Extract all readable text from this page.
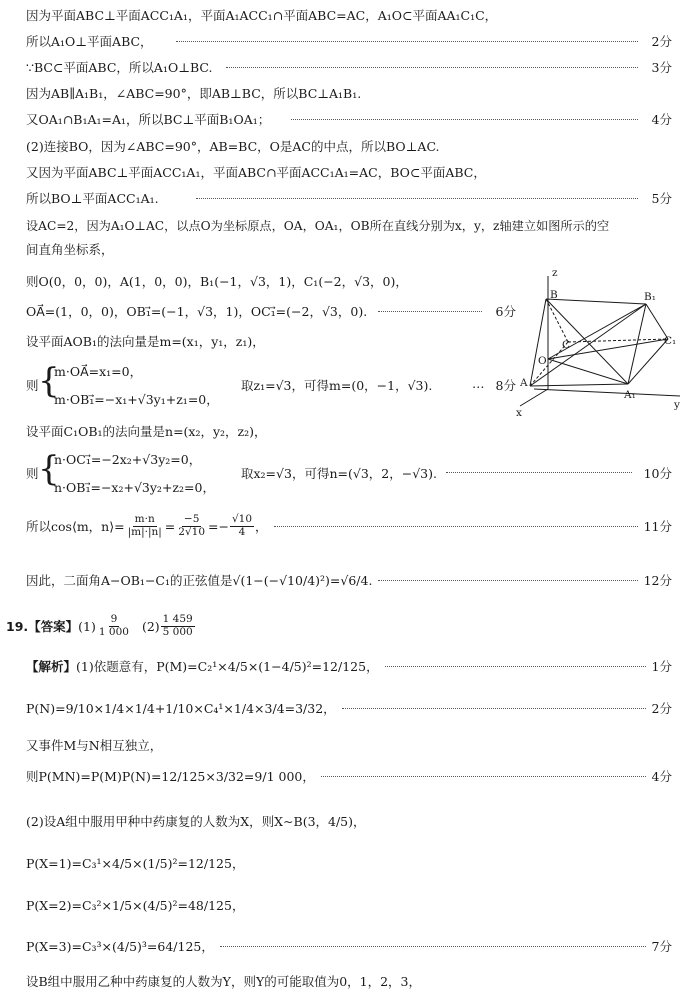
因为平面ABC⊥平面ACC₁A₁，平面A₁ACC₁∩平面ABC=AC，A₁O⊂平面AA₁C₁C，
所以A₁O⊥平面ABC，	2分
∵BC⊂平面ABC，所以A₁O⊥BC.	3分
因为AB∥A₁B₁，∠ABC=90°，即AB⊥BC，所以BC⊥A₁B₁.
又OA₁∩B₁A₁=A₁，所以BC⊥平面B₁OA₁；	4分
(2)连接BO，因为∠ABC=90°，AB=BC，O是AC的中点，所以BO⊥AC.
又因为平面ABC⊥平面ACC₁A₁，平面ABC∩平面ACC₁A₁=AC，BO⊂平面ABC，
所以BO⊥平面ACC₁A₁.	5分
设AC=2，因为A₁O⊥AC，以点O为坐标原点，OA，OA₁，OB所在直线分别为x，y，z轴建立如图所示的空
间直角坐标系，
则O(0，0，0)，A(1，0，0)，B₁(−1，√3，1)，C₁(−2，√3，0)，
OA⃗=(1，0，0)，OB₁⃗=(−1，√3，1)，OC₁⃗=(−2，√3，0).	6分
设平面AOB₁的法向量是m=(x₁，y₁，z₁)，
则 {
m·OA⃗=x₁=0，
m·OB₁⃗=−x₁+√3y₁+z₁=0，
取z₁=√3，可得m=(0，−1，√3).	… 8分
z
B	B₁
C	C₁
O
A
A₁
y
x
设平面C₁OB₁的法向量是n=(x₂，y₂，z₂)，
则 {
n·OC₁⃗=−2x₂+√3y₂=0，
n·OB₁⃗=−x₂+√3y₂+z₂=0，
取x₂=√3，可得n=(√3，2，−√3).	10分
所以cos⟨m，n⟩= $\frac{m\cdot n}{|m|\cdot|n|} = \frac{-5}{2√10} =- \frac{√10}{4}$ ，	11分
因此，二面角A−OB₁−C₁的正弦值是 √(1−(−√10/4)²)=√6/4.	12分
19.【答案】 $(1) \frac{9}{1 000} (2) \frac{1 459}{5 000}$
【解析】 (1)依题意有，P(M)=C₂¹×4/5×(1−4/5)²=12/125，	1分
P(N)=9/10×1/4×1/4+1/10×C₄¹×1/4×3/4=3/32，	2分
又事件M与N相互独立，
则P(MN)=P(M)P(N)=12/125×3/32=9/1 000，	4分
(2)设A组中服用甲种中药康复的人数为X，则X∼B(3，4/5)，
P(X=1)=C₃¹×4/5×(1/5)²=12/125，
P(X=2)=C₃²×1/5×(4/5)²=48/125，
P(X=3)=C₃³×(4/5)³=64/125，	7分
设B组中服用乙种中药康复的人数为Y，则Y的可能取值为0，1，2，3，
